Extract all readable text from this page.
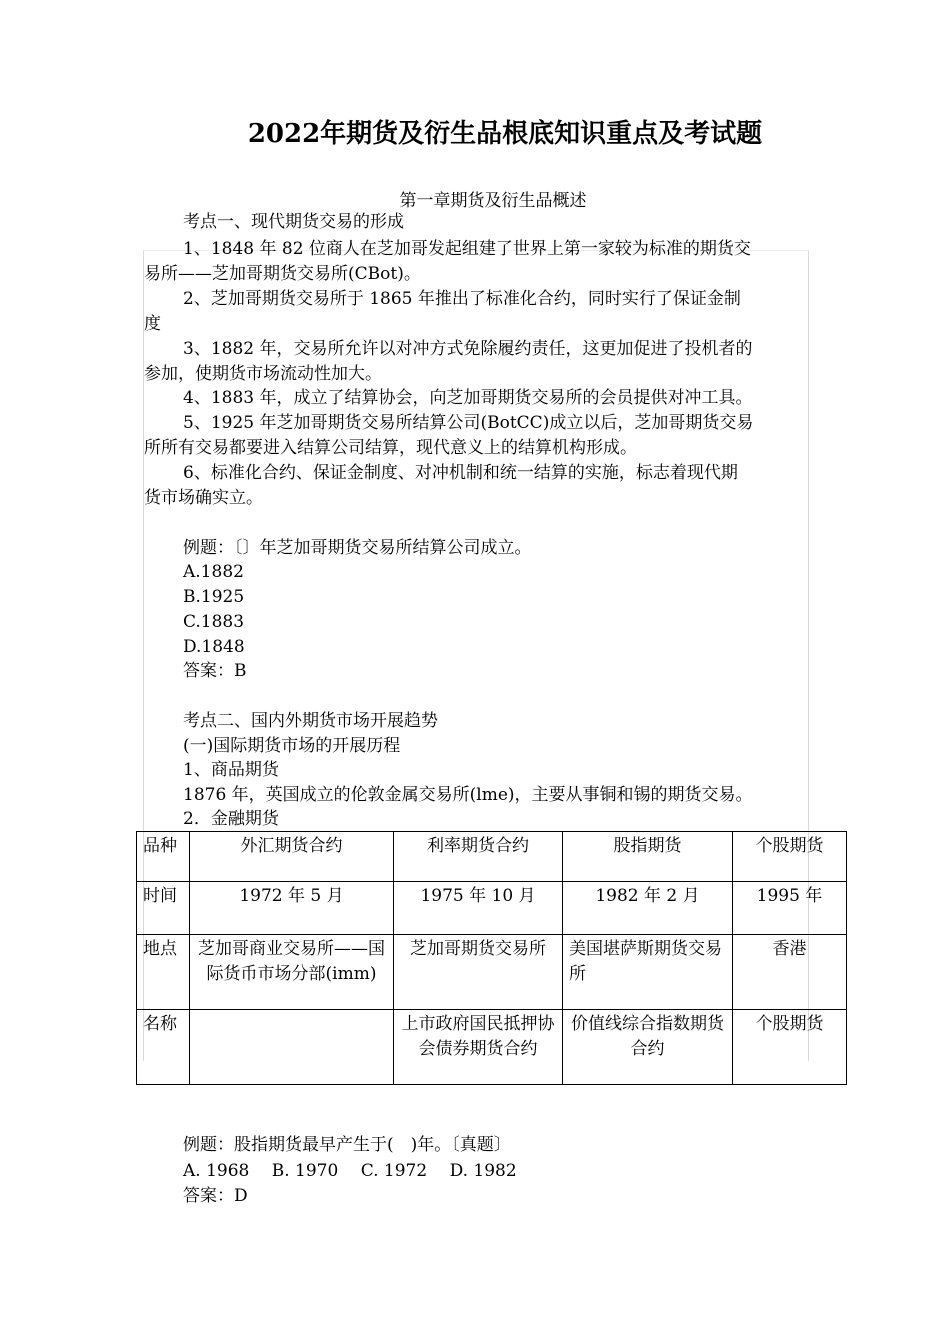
2022年期货及衍生品根底知识重点及考试题
第一章期货及衍生品概述
考点一、现代期货交易的形成
1、1848 年 82 位商人在芝加哥发起组建了世界上第一家较为标准的期货交
易所——芝加哥期货交易所(CBot)。
2、芝加哥期货交易所于 1865 年推出了标准化合约，同时实行了保证金制
度
3、1882 年，交易所允许以对冲方式免除履约责任，这更加促进了投机者的
参加，使期货市场流动性加大。
4、1883 年，成立了结算协会，向芝加哥期货交易所的会员提供对冲工具。
5、1925 年芝加哥期货交易所结算公司(BotCC)成立以后，芝加哥期货交易
所所有交易都要进入结算公司结算，现代意义上的结算机构形成。
6、标准化合约、保证金制度、对冲机制和统一结算的实施，标志着现代期
货市场确实立。
例题：〔〕年芝加哥期货交易所结算公司成立。
A.1882
B.1925
C.1883
D.1848
答案：B
考点二、国内外期货市场开展趋势
(一)国际期货市场的开展历程
1、商品期货
1876 年，英国成立的伦敦金属交易所(lme)，主要从事铜和锡的期货交易。
2．金融期货
品种	外汇期货合约	利率期货合约	股指期货	个股期货
时间	1972 年 5 月	1975 年 10 月	1982 年 2 月	1995 年
地点	芝加哥商业交易所——国际货币市场分部(imm)	芝加哥期货交易所	美国堪萨斯期货交易所	香港
名称		上市政府国民抵押协会债券期货合约	价值线综合指数期货合约	个股期货
例题：股指期货最早产生于(　)年。〔真题〕
A. 1968　 B. 1970　 C. 1972　 D. 1982
答案：D
